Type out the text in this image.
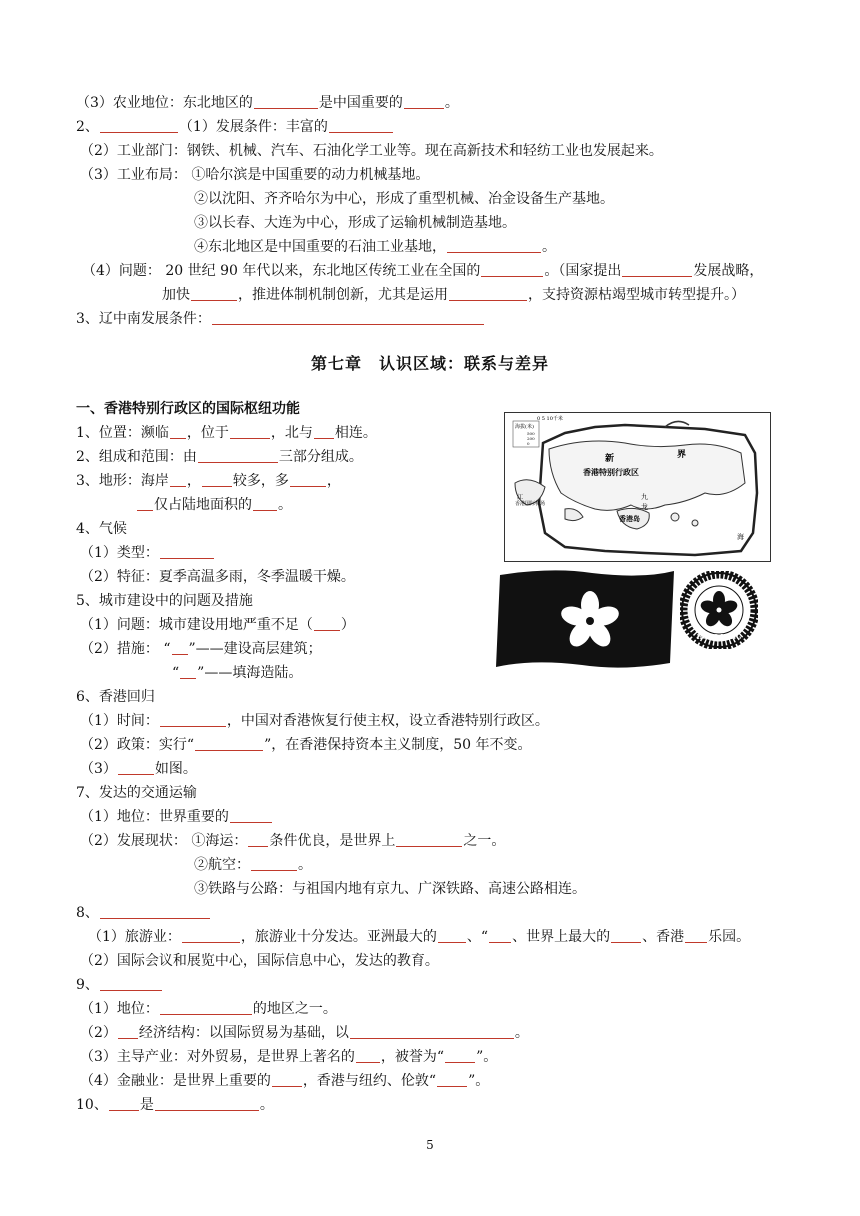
（3）农业地位：东北地区的	是中国重要的	。
2、	（1）发展条件：丰富的
（2）工业部门：钢铁、机械、汽车、石油化学工业等。现在高新技术和轻纺工业也发展起来。
（3）工业布局： ①哈尔滨是中国重要的动力机械基地。
②以沈阳、齐齐哈尔为中心，形成了重型机械、冶金设备生产基地。
③以长春、大连为中心，形成了运输机械制造基地。
④东北地区是中国重要的石油工业基地，	。
（4）问题： 20 世纪 90 年代以来，东北地区传统工业在全国的	。（国家提出	发展战略，
加快	，推进体制机制创新，尤其是运用	，支持资源枯竭型城市转型提升。）
3、辽中南发展条件：
第七章　认识区域：联系与差异
一、香港特别行政区的国际枢纽功能
1、位置：濒临 ，位于	，北与 相连。
2、组成和范围：由	三部分组成。
3、地形：海岸 ， 较多，多	，
仅占陆地面积的 。
4、气候
（1）类型：
（2）特征：夏季高温多雨，冬季温暖干燥。
5、城市建设中的问题及措施
（1）问题：城市建设用地严重不足（ ）
（2）措施： “ ”——建设高层建筑；
“ ”——填海造陆。
6、香港回归
（1）时间：	，中国对香港恢复行使主权，设立香港特别行政区。
（2）政策：实行“	”，在香港保持资本主义制度，50 年不变。
（3）	如图。
7、发达的交通运输
（1）地位：世界重要的
（2）发展现状： ①海运： 条件优良，是世界上	之一。
②航空：	。
③铁路与公路：与祖国内地有京九、广深铁路、高速公路相连。
8、
（1）旅游业：	，旅游业十分发达。亚洲最大的 、“ 、世界上最大的 、香港 乐园。
（2）国际会议和展览中心，国际信息中心，发达的教育。
9、
（1）地位：	的地区之一。
（2） 经济结构：以国际贸易为基础，以	。
（3）主导产业：对外贸易，是世界上著名的 ，被誉为“ ”。
（4）金融业：是世界上重要的 ，香港与纽约、伦敦“ ”。
10、 是	。
海拔(米)
500
200
0
0 5 10千米
新	界
香港特别行政区
九
龙
香港岛
江
香港国际机场
海
HONG KONG
5
